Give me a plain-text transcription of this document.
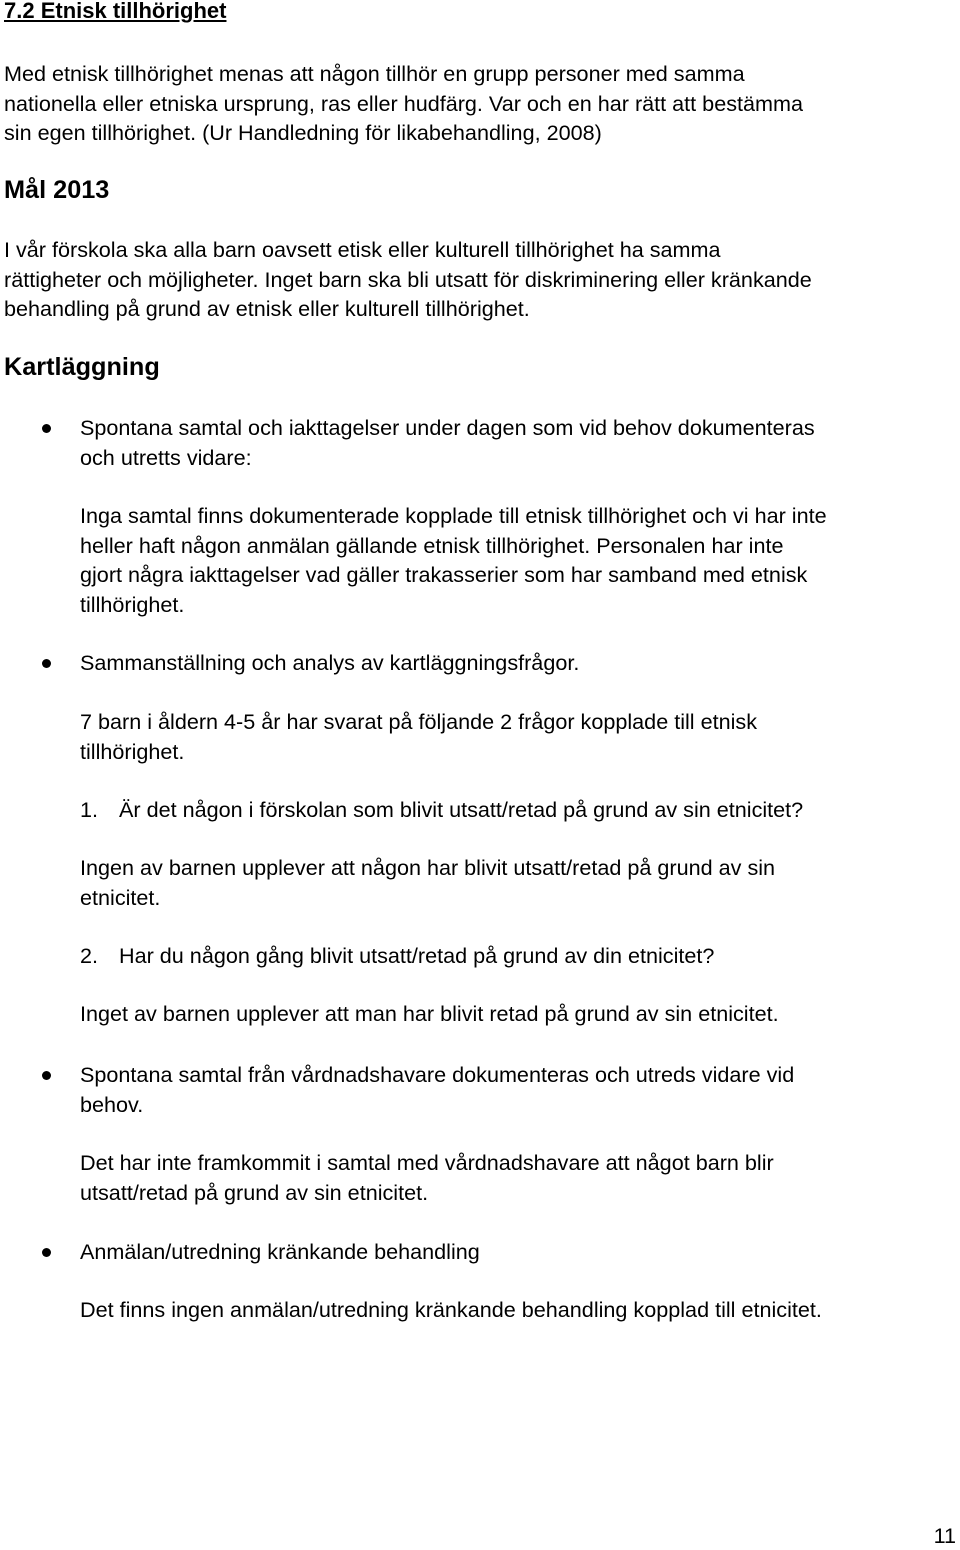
7.2 Etnisk tillhörighet

Med etnisk tillhörighet menas att någon tillhör en grupp personer med samma
nationella eller etniska ursprung, ras eller hudfärg. Var och en har rätt att bestämma
sin egen tillhörighet. (Ur Handledning för likabehandling, 2008)

Mål 2013

I vår förskola ska alla barn oavsett etisk eller kulturell tillhörighet ha samma
rättigheter och möjligheter. Inget barn ska bli utsatt för diskriminering eller kränkande
behandling på grund av etnisk eller kulturell tillhörighet.

Kartläggning

Spontana samtal och iakttagelser under dagen som vid behov dokumenteras
och utretts vidare:

Inga samtal finns dokumenterade kopplade till etnisk tillhörighet och vi har inte
heller haft någon anmälan gällande etnisk tillhörighet. Personalen har inte
gjort några iakttagelser vad gäller trakasserier som har samband med etnisk
tillhörighet.

Sammanställning och analys av kartläggningsfrågor.

7 barn i åldern 4-5 år har svarat på följande 2 frågor kopplade till etnisk
tillhörighet.

1. Är det någon i förskolan som blivit utsatt/retad på grund av sin etnicitet?

Ingen av barnen upplever att någon har blivit utsatt/retad på grund av sin
etnicitet.

2. Har du någon gång blivit utsatt/retad på grund av din etnicitet?

Inget av barnen upplever att man har blivit retad på grund av sin etnicitet.

Spontana samtal från vårdnadshavare dokumenteras och utreds vidare vid
behov.

Det har inte framkommit i samtal med vårdnadshavare att något barn blir
utsatt/retad på grund av sin etnicitet.

Anmälan/utredning kränkande behandling

Det finns ingen anmälan/utredning kränkande behandling kopplad till etnicitet.

11
